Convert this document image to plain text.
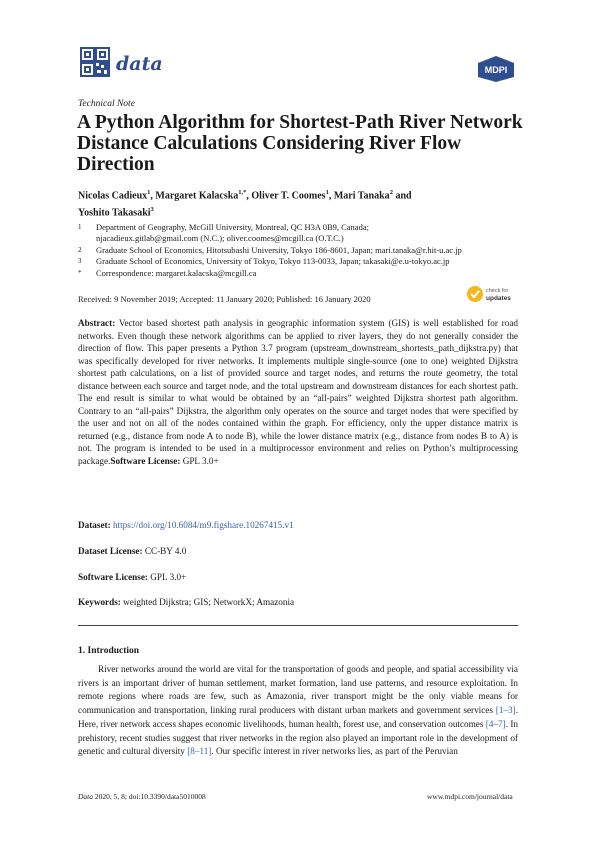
data	MDPI
Technical Note
A Python Algorithm for Shortest-Path River Network Distance Calculations Considering River Flow Direction
Nicolas Cadieux$^1$, Margaret Kalacska$^{1,*}$, Oliver T. Coomes$^1$, Mari Tanaka$^2$ and
Yoshito Takasaki$^3$
1 Department of Geography, McGill University, Montreal, QC H3A 0B9, Canada;
njacadieux.gitlab@gmail.com (N.C.); oliver.coomes@mcgill.ca (O.T.C.)
2 Graduate School of Economics, Hitotsubashi University, Tokyo 186-8601, Japan; mari.tanaka@r.hit-u.ac.jp
3 Graduate School of Economics, University of Tokyo, Tokyo 113-0033, Japan; takasaki@e.u-tokyo.ac.jp
* Correspondence: margaret.kalacska@mcgill.ca
Received: 9 November 2019; Accepted: 11 January 2020; Published: 16 January 2020
check for
updates
Abstract: Vector based shortest path analysis in geographic information system (GIS) is well established for road networks. Even though these network algorithms can be applied to river layers, they do not generally consider the direction of flow. This paper presents a Python 3.7 program (upstream_downstream_shortests_path_dijkstra.py) that was specifically developed for river networks. It implements multiple single-source (one to one) weighted Dijkstra shortest path calculations, on a list of provided source and target nodes, and returns the route geometry, the total distance between each source and target node, and the total upstream and downstream distances for each shortest path. The end result is similar to what would be obtained by an “all-pairs” weighted Dijkstra shortest path algorithm. Contrary to an “all-pairs” Dijkstra, the algorithm only operates on the source and target nodes that were specified by the user and not on all of the nodes contained within the graph. For efficiency, only the upper distance matrix is returned (e.g., distance from node A to node B), while the lower distance matrix (e.g., distance from nodes B to A) is not. The program is intended to be used in a multiprocessor environment and relies on Python’s multiprocessing package.Software License: GPL 3.0+
Dataset: https://doi.org/10.6084/m9.figshare.10267415.v1
Dataset License: CC-BY 4.0
Software License: GPL 3.0+
Keywords: weighted Dijkstra; GIS; NetworkX; Amazonia
1. Introduction
River networks around the world are vital for the transportation of goods and people, and spatial accessibility via rivers is an important driver of human settlement, market formation, land use patterns, and resource exploitation. In remote regions where roads are few, such as Amazonia, river transport might be the only viable means for communication and transportation, linking rural producers with distant urban markets and government services [1–3]. Here, river network access shapes economic livelihoods, human health, forest use, and conservation outcomes [4–7]. In prehistory, recent studies suggest that river networks in the region also played an important role in the development of genetic and cultural diversity [8–11]. Our specific interest in river networks lies, as part of the Peruvian
Data 2020, 5, 8; doi:10.3390/data5010008	www.mdpi.com/journal/data
